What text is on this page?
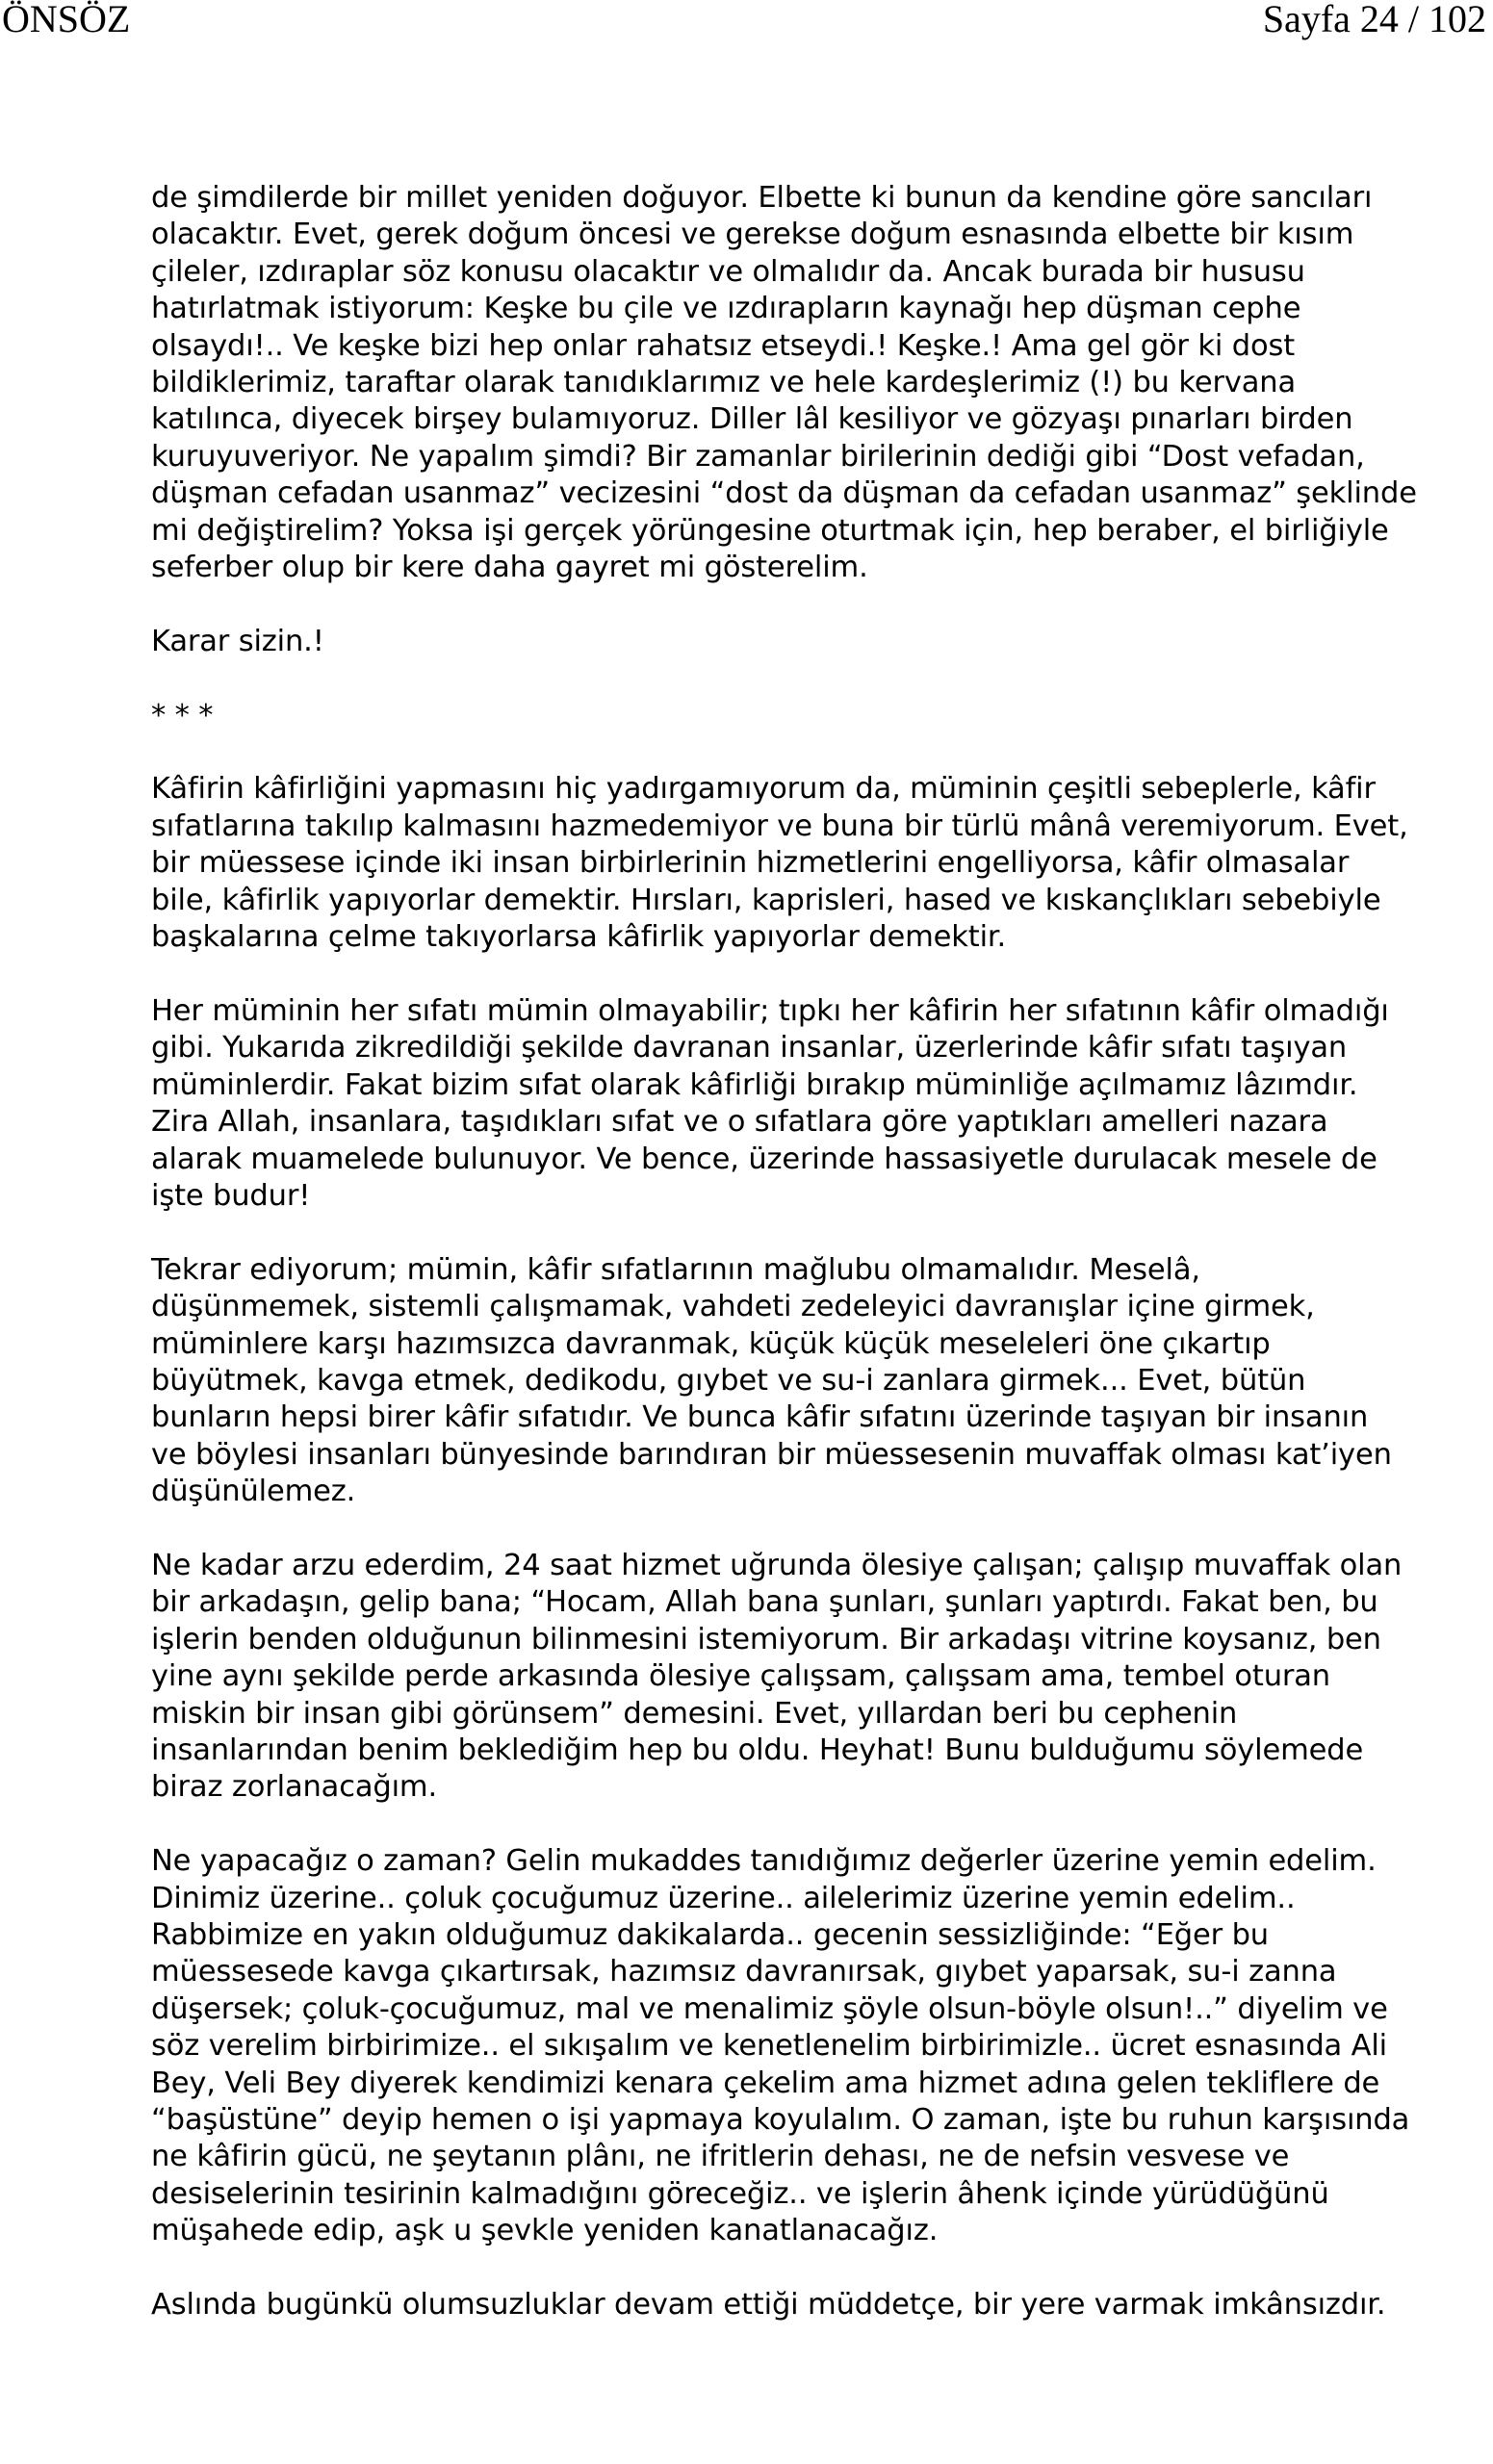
ÖNSÖZ	Sayfa 24 / 102
de şimdilerde bir millet yeniden doğuyor. Elbette ki bunun da kendine göre sancıları
olacaktır. Evet, gerek doğum öncesi ve gerekse doğum esnasında elbette bir kısım
çileler, ızdıraplar söz konusu olacaktır ve olmalıdır da. Ancak burada bir hususu
hatırlatmak istiyorum: Keşke bu çile ve ızdırapların kaynağı hep düşman cephe
olsaydı!.. Ve keşke bizi hep onlar rahatsız etseydi.! Keşke.! Ama gel gör ki dost
bildiklerimiz, taraftar olarak tanıdıklarımız ve hele kardeşlerimiz (!) bu kervana
katılınca, diyecek birşey bulamıyoruz. Diller lâl kesiliyor ve gözyaşı pınarları birden
kuruyuveriyor. Ne yapalım şimdi? Bir zamanlar birilerinin dediği gibi “Dost vefadan,
düşman cefadan usanmaz” vecizesini “dost da düşman da cefadan usanmaz” şeklinde
mi değiştirelim? Yoksa işi gerçek yörüngesine oturtmak için, hep beraber, el birliğiyle
seferber olup bir kere daha gayret mi gösterelim.
Karar sizin.!
* * *
Kâfirin kâfirliğini yapmasını hiç yadırgamıyorum da, müminin çeşitli sebeplerle, kâfir
sıfatlarına takılıp kalmasını hazmedemiyor ve buna bir türlü mânâ veremiyorum. Evet,
bir müessese içinde iki insan birbirlerinin hizmetlerini engelliyorsa, kâfir olmasalar
bile, kâfirlik yapıyorlar demektir. Hırsları, kaprisleri, hased ve kıskançlıkları sebebiyle
başkalarına çelme takıyorlarsa kâfirlik yapıyorlar demektir.
Her müminin her sıfatı mümin olmayabilir; tıpkı her kâfirin her sıfatının kâfir olmadığı
gibi. Yukarıda zikredildiği şekilde davranan insanlar, üzerlerinde kâfir sıfatı taşıyan
müminlerdir. Fakat bizim sıfat olarak kâfirliği bırakıp müminliğe açılmamız lâzımdır.
Zira Allah, insanlara, taşıdıkları sıfat ve o sıfatlara göre yaptıkları amelleri nazara
alarak muamelede bulunuyor. Ve bence, üzerinde hassasiyetle durulacak mesele de
işte budur!
Tekrar ediyorum; mümin, kâfir sıfatlarının mağlubu olmamalıdır. Meselâ,
düşünmemek, sistemli çalışmamak, vahdeti zedeleyici davranışlar içine girmek,
müminlere karşı hazımsızca davranmak, küçük küçük meseleleri öne çıkartıp
büyütmek, kavga etmek, dedikodu, gıybet ve su-i zanlara girmek... Evet, bütün
bunların hepsi birer kâfir sıfatıdır. Ve bunca kâfir sıfatını üzerinde taşıyan bir insanın
ve böylesi insanları bünyesinde barındıran bir müessesenin muvaffak olması kat’iyen
düşünülemez.
Ne kadar arzu ederdim, 24 saat hizmet uğrunda ölesiye çalışan; çalışıp muvaffak olan
bir arkadaşın, gelip bana; “Hocam, Allah bana şunları, şunları yaptırdı. Fakat ben, bu
işlerin benden olduğunun bilinmesini istemiyorum. Bir arkadaşı vitrine koysanız, ben
yine aynı şekilde perde arkasında ölesiye çalışsam, çalışsam ama, tembel oturan
miskin bir insan gibi görünsem” demesini. Evet, yıllardan beri bu cephenin
insanlarından benim beklediğim hep bu oldu. Heyhat! Bunu bulduğumu söylemede
biraz zorlanacağım.
Ne yapacağız o zaman? Gelin mukaddes tanıdığımız değerler üzerine yemin edelim.
Dinimiz üzerine.. çoluk çocuğumuz üzerine.. ailelerimiz üzerine yemin edelim..
Rabbimize en yakın olduğumuz dakikalarda.. gecenin sessizliğinde: “Eğer bu
müessesede kavga çıkartırsak, hazımsız davranırsak, gıybet yaparsak, su-i zanna
düşersek; çoluk-çocuğumuz, mal ve menalimiz şöyle olsun-böyle olsun!..” diyelim ve
söz verelim birbirimize.. el sıkışalım ve kenetlenelim birbirimizle.. ücret esnasında Ali
Bey, Veli Bey diyerek kendimizi kenara çekelim ama hizmet adına gelen tekliflere de
“başüstüne” deyip hemen o işi yapmaya koyulalım. O zaman, işte bu ruhun karşısında
ne kâfirin gücü, ne şeytanın plânı, ne ifritlerin dehası, ne de nefsin vesvese ve
desiselerinin tesirinin kalmadığını göreceğiz.. ve işlerin âhenk içinde yürüdüğünü
müşahede edip, aşk u şevkle yeniden kanatlanacağız.
Aslında bugünkü olumsuzluklar devam ettiği müddetçe, bir yere varmak imkânsızdır.
